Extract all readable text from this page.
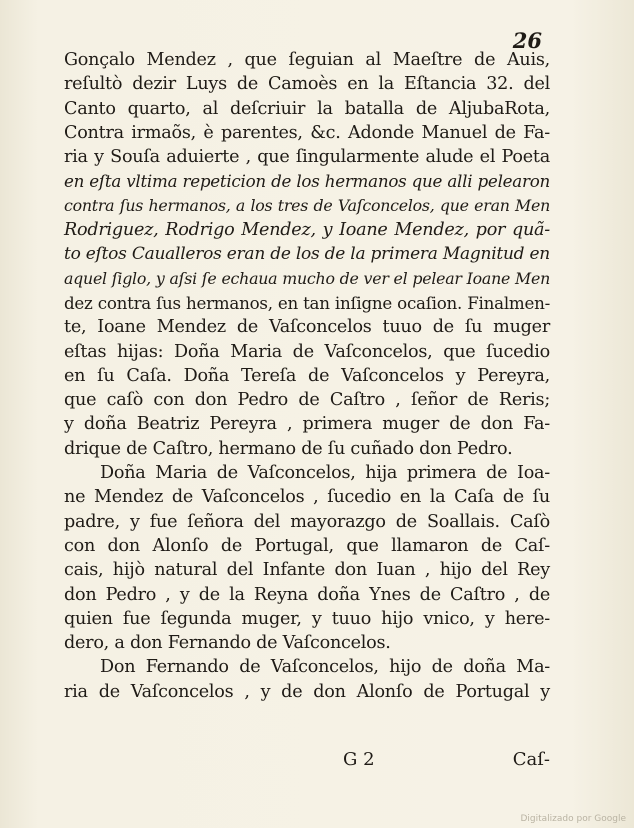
26
Gonçalo Mendez , que ſeguian al Maeſtre de Auis,
reſultò dezir Luys de Camoès en la Eſtancia 32. del
Canto quarto, al deſcriuir la batalla de AljubaRota,
Contra irmaõs, è parentes, &c. Adonde Manuel de Fa-
ria y Souſa aduierte , que ſingularmente alude el Poeta
en eſta vltima repeticion de los hermanos que alli pelearon
contra ſus hermanos, a los tres de Vaſconcelos, que eran Men
Rodriguez, Rodrigo Mendez, y Ioane Mendez, por quã-
to eſtos Caualleros eran de los de la primera Magnitud en
aquel ſiglo, y aſsi ſe echaua mucho de ver el pelear Ioane Men
dez contra ſus hermanos, en tan inſigne ocaſion. Finalmen-
te, Ioane Mendez de Vaſconcelos tuuo de ſu muger
eſtas hijas: Doña Maria de Vaſconcelos, que ſucedio
en ſu Caſa. Doña Tereſa de Vaſconcelos y Pereyra,
que caſò con don Pedro de Caſtro , ſeñor de Reris;
y doña Beatriz Pereyra , primera muger de don Fa-
drique de Caſtro, hermano de ſu cuñado don Pedro.
Doña Maria de Vaſconcelos, hija primera de Ioa-
ne Mendez de Vaſconcelos , ſucedio en la Caſa de ſu
padre, y fue ſeñora del mayorazgo de Soallais. Caſò
con don Alonſo de Portugal, que llamaron de Caſ-
cais, hijò natural del Infante don Iuan , hijo del Rey
don Pedro , y de la Reyna doña Ynes de Caſtro , de
quien fue ſegunda muger, y tuuo hijo vnico, y here-
dero, a don Fernando de Vaſconcelos.
Don Fernando de Vaſconcelos, hijo de doña Ma-
ria de Vaſconcelos , y de don Alonſo de Portugal y
G 2	Caſ-
Digitalizado por Google
